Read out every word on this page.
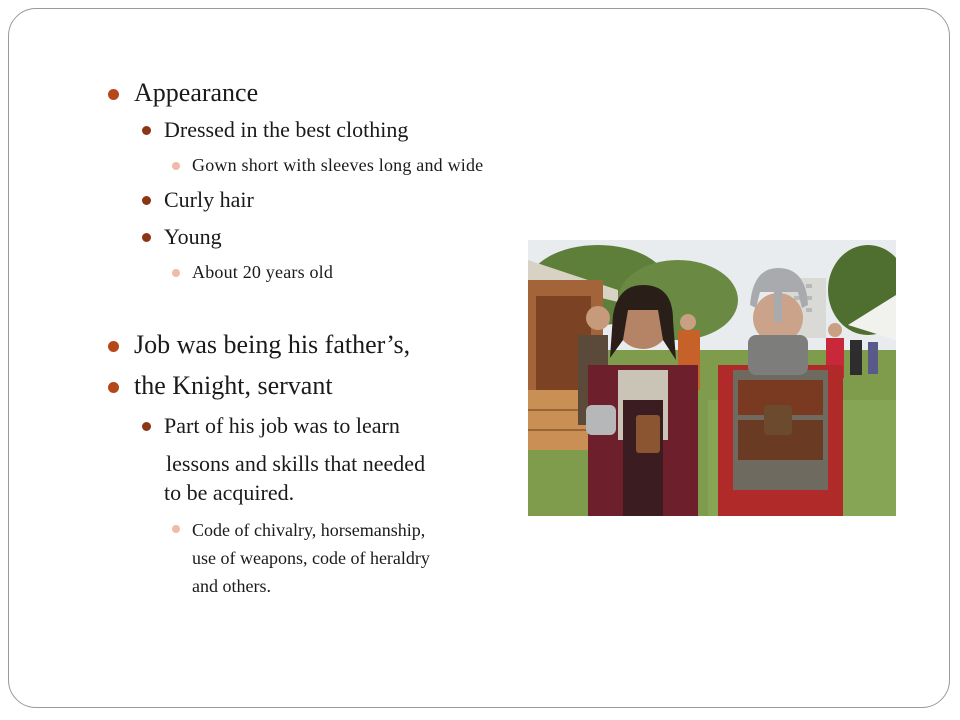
Appearance
Dressed in the best clothing
Gown short with sleeves long and wide
Curly hair
Young
About 20 years old
Job was being his father’s,
the Knight, servant
Part of his job was to learn
lessons and skills that needed
to be acquired.
Code of chivalry, horsemanship,
use of weapons, code of heraldry
and others.
